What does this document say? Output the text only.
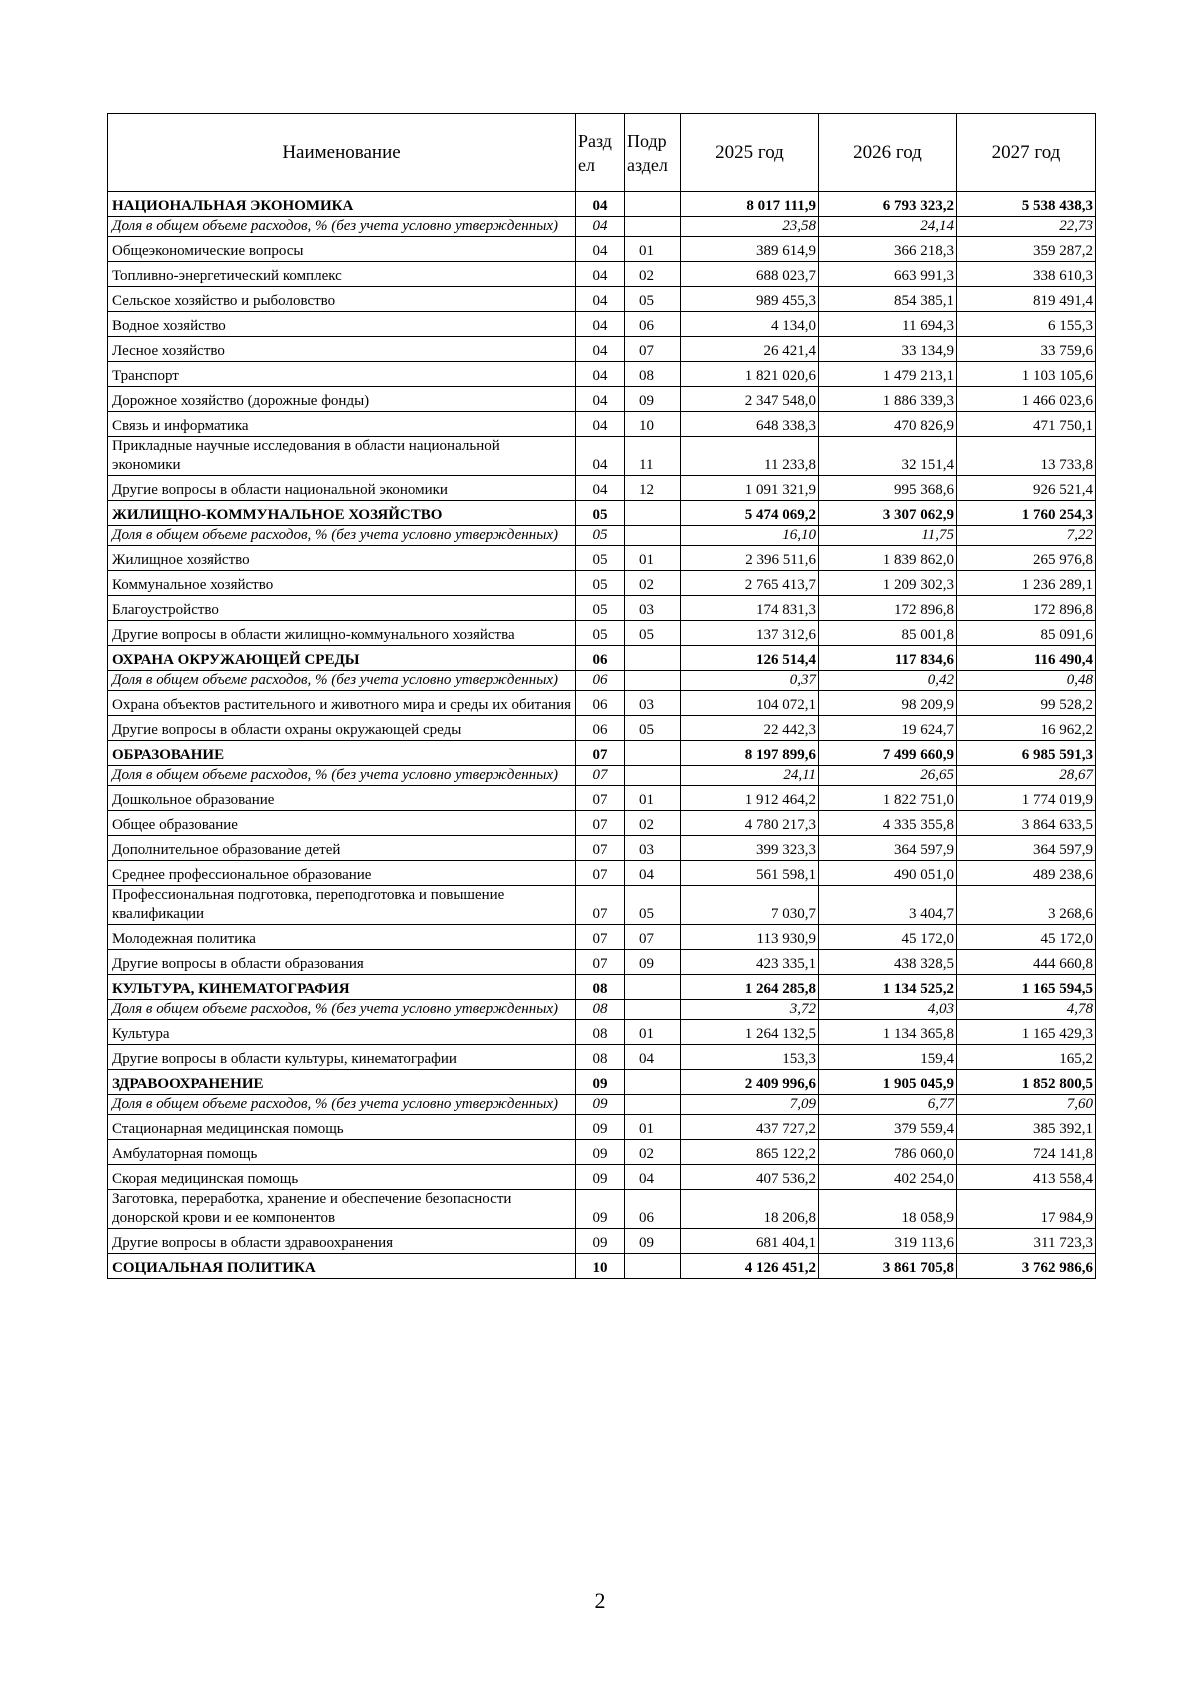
Наименование	Разд ел	Подр аздел	2025 год	2026 год	2027 год
НАЦИОНАЛЬНАЯ ЭКОНОМИКА	04		8 017 111,9	6 793 323,2	5 538 438,3
Доля в общем объеме расходов, % (без учета условно утвержденных)	04		23,58	24,14	22,73
Общеэкономические вопросы	04	01	389 614,9	366 218,3	359 287,2
Топливно-энергетический комплекс	04	02	688 023,7	663 991,3	338 610,3
Сельское хозяйство и рыболовство	04	05	989 455,3	854 385,1	819 491,4
Водное хозяйство	04	06	4 134,0	11 694,3	6 155,3
Лесное хозяйство	04	07	26 421,4	33 134,9	33 759,6
Транспорт	04	08	1 821 020,6	1 479 213,1	1 103 105,6
Дорожное хозяйство (дорожные фонды)	04	09	2 347 548,0	1 886 339,3	1 466 023,6
Связь и информатика	04	10	648 338,3	470 826,9	471 750,1
Прикладные научные исследования в области национальной экономики	04	11	11 233,8	32 151,4	13 733,8
Другие вопросы в области национальной экономики	04	12	1 091 321,9	995 368,6	926 521,4
ЖИЛИЩНО-КОММУНАЛЬНОЕ ХОЗЯЙСТВО	05		5 474 069,2	3 307 062,9	1 760 254,3
Доля в общем объеме расходов, % (без учета условно утвержденных)	05		16,10	11,75	7,22
Жилищное хозяйство	05	01	2 396 511,6	1 839 862,0	265 976,8
Коммунальное хозяйство	05	02	2 765 413,7	1 209 302,3	1 236 289,1
Благоустройство	05	03	174 831,3	172 896,8	172 896,8
Другие вопросы в области жилищно-коммунального хозяйства	05	05	137 312,6	85 001,8	85 091,6
ОХРАНА ОКРУЖАЮЩЕЙ СРЕДЫ	06		126 514,4	117 834,6	116 490,4
Доля в общем объеме расходов, % (без учета условно утвержденных)	06		0,37	0,42	0,48
Охрана объектов растительного и животного мира и среды их обитания	06	03	104 072,1	98 209,9	99 528,2
Другие вопросы в области охраны окружающей среды	06	05	22 442,3	19 624,7	16 962,2
ОБРАЗОВАНИЕ	07		8 197 899,6	7 499 660,9	6 985 591,3
Доля в общем объеме расходов, % (без учета условно утвержденных)	07		24,11	26,65	28,67
Дошкольное образование	07	01	1 912 464,2	1 822 751,0	1 774 019,9
Общее образование	07	02	4 780 217,3	4 335 355,8	3 864 633,5
Дополнительное образование детей	07	03	399 323,3	364 597,9	364 597,9
Среднее профессиональное образование	07	04	561 598,1	490 051,0	489 238,6
Профессиональная подготовка, переподготовка и повышение квалификации	07	05	7 030,7	3 404,7	3 268,6
Молодежная политика	07	07	113 930,9	45 172,0	45 172,0
Другие вопросы в области образования	07	09	423 335,1	438 328,5	444 660,8
КУЛЬТУРА, КИНЕМАТОГРАФИЯ	08		1 264 285,8	1 134 525,2	1 165 594,5
Доля в общем объеме расходов, % (без учета условно утвержденных)	08		3,72	4,03	4,78
Культура	08	01	1 264 132,5	1 134 365,8	1 165 429,3
Другие вопросы в области культуры, кинематографии	08	04	153,3	159,4	165,2
ЗДРАВООХРАНЕНИЕ	09		2 409 996,6	1 905 045,9	1 852 800,5
Доля в общем объеме расходов, % (без учета условно утвержденных)	09		7,09	6,77	7,60
Стационарная медицинская помощь	09	01	437 727,2	379 559,4	385 392,1
Амбулаторная помощь	09	02	865 122,2	786 060,0	724 141,8
Скорая медицинская помощь	09	04	407 536,2	402 254,0	413 558,4
Заготовка, переработка, хранение и обеспечение безопасности донорской крови и ее компонентов	09	06	18 206,8	18 058,9	17 984,9
Другие вопросы в области здравоохранения	09	09	681 404,1	319 113,6	311 723,3
СОЦИАЛЬНАЯ ПОЛИТИКА	10		4 126 451,2	3 861 705,8	3 762 986,6
2
